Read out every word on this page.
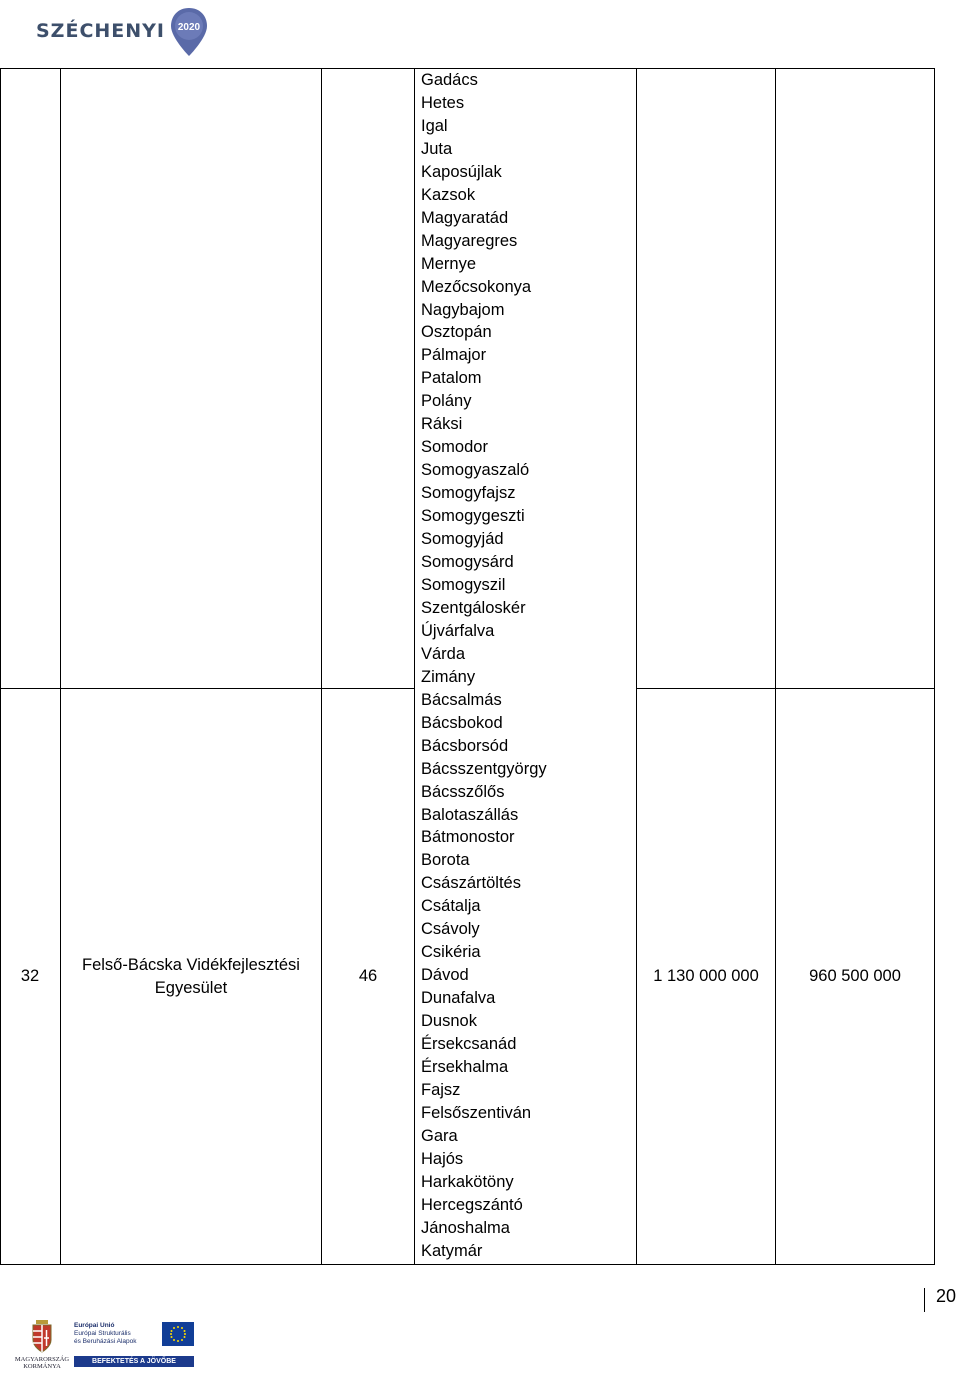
SZÉCHENYI 2020
Gadács
Hetes
Igal
Juta
Kaposújlak
Kazsok
Magyaratád
Magyaregres
Mernye
Mezőcsokonya
Nagybajom
Osztopán
Pálmajor
Patalom
Polány
Ráksi
Somodor
Somogyaszaló
Somogyfajsz
Somogygeszti
Somogyjád
Somogysárd
Somogyszil
Szentgáloskér
Újvárfalva
Várda
Zimány
Bácsalmás
Bácsbokod
Bácsborsód
Bácsszentgyörgy
Bácsszőlős
Balotaszállás
Bátmonostor
Borota
Császártöltés
Csátalja
Csávoly
Csikéria
Dávod
Dunafalva
Dusnok
Érsekcsanád
Érsekhalma
Fajsz
Felsőszentiván
Gara
Hajós
Harkakötöny
Hercegszántó
Jánoshalma
Katymár
32
Felső-Bácska Vidékfejlesztési
Egyesület
46	1 130 000 000	960 500 000
20
MAGYARORSZÁG
KORMÁNYA
Európai Unió
Európai Strukturális
és Beruházási Alapok
BEFEKTETÉS A JÖVŐBE
